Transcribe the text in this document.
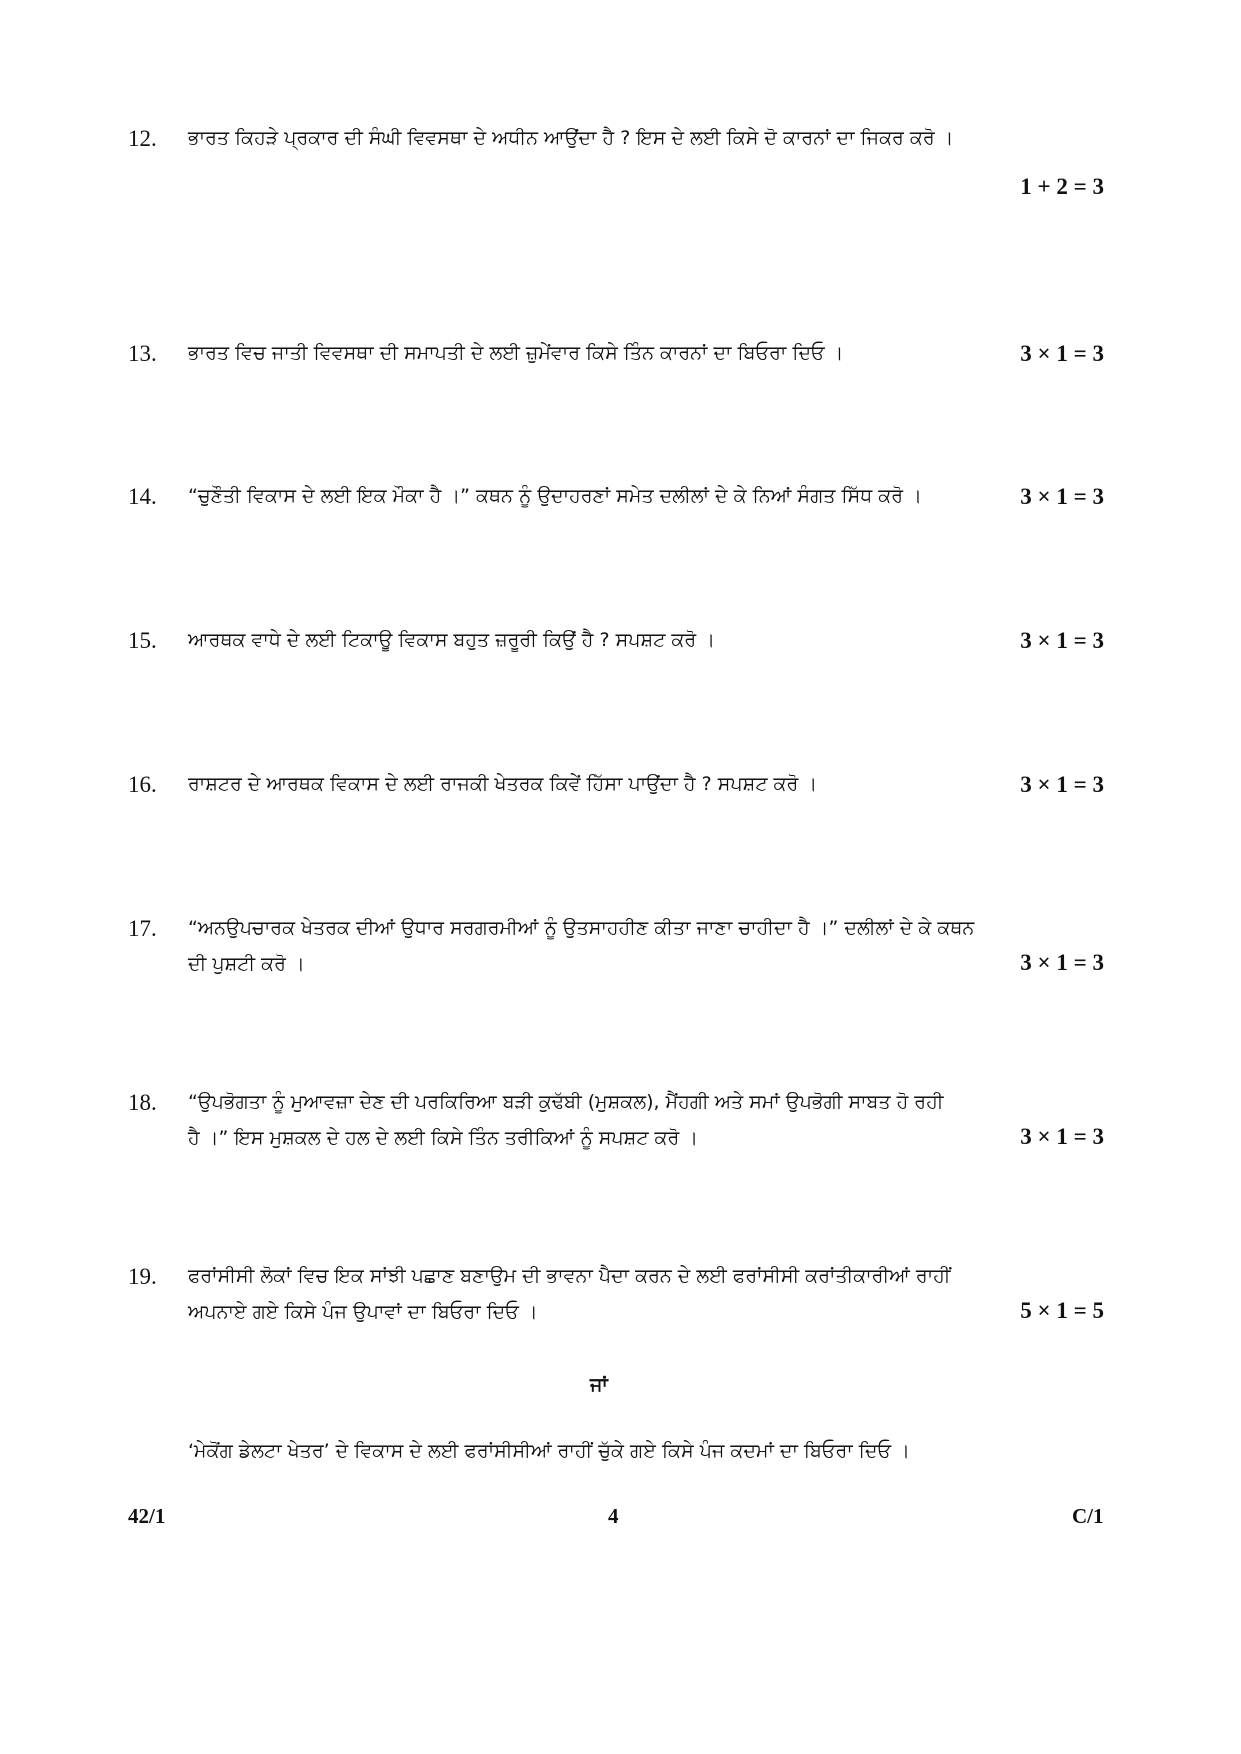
12. ਭਾਰਤ ਕਿਹੜੇ ਪ੍ਰਕਾਰ ਦੀ ਸੰਘੀ ਵਿਵਸਥਾ ਦੇ ਅਧੀਨ ਆਉਂਦਾ ਹੈ ? ਇਸ ਦੇ ਲਈ ਕਿਸੇ ਦੋ ਕਾਰਨਾਂ ਦਾ ਜਿਕਰ ਕਰੋ ।
1 + 2 = 3
13. ਭਾਰਤ ਵਿਚ ਜਾਤੀ ਵਿਵਸਥਾ ਦੀ ਸਮਾਪਤੀ ਦੇ ਲਈ ਜ਼ੁਮੇਂਵਾਰ ਕਿਸੇ ਤਿੰਨ ਕਾਰਨਾਂ ਦਾ ਬਿਓਰਾ ਦਿਓ ।	3 × 1 = 3
14. “ਚੁਣੌਤੀ ਵਿਕਾਸ ਦੇ ਲਈ ਇਕ ਮੌਕਾ ਹੈ ।” ਕਥਨ ਨੂੰ ਉਦਾਹਰਣਾਂ ਸਮੇਤ ਦਲੀਲਾਂ ਦੇ ਕੇ ਨਿਆਂ ਸੰਗਤ ਸਿੱਧ ਕਰੋ ।	3 × 1 = 3
15. ਆਰਥਕ ਵਾਧੇ ਦੇ ਲਈ ਟਿਕਾਊ ਵਿਕਾਸ ਬਹੁਤ ਜ਼ਰੂਰੀ ਕਿਉਂ ਹੈ ? ਸਪਸ਼ਟ ਕਰੋ ।	3 × 1 = 3
16. ਰਾਸ਼ਟਰ ਦੇ ਆਰਥਕ ਵਿਕਾਸ ਦੇ ਲਈ ਰਾਜਕੀ ਖੇਤਰਕ ਕਿਵੇਂ ਹਿੱਸਾ ਪਾਉਂਦਾ ਹੈ ? ਸਪਸ਼ਟ ਕਰੋ ।	3 × 1 = 3
17. “ਅਨਉਪਚਾਰਕ ਖੇਤਰਕ ਦੀਆਂ ਉਧਾਰ ਸਰਗਰਮੀਆਂ ਨੂੰ ਉਤਸਾਹਹੀਣ ਕੀਤਾ ਜਾਣਾ ਚਾਹੀਦਾ ਹੈ ।” ਦਲੀਲਾਂ ਦੇ ਕੇ ਕਥਨ
ਦੀ ਪੁਸ਼ਟੀ ਕਰੋ ।	3 × 1 = 3
18. “ਉਪਭੋਗਤਾ ਨੂੰ ਮੁਆਵਜ਼ਾ ਦੇਣ ਦੀ ਪਰਕਿਰਿਆ ਬੜੀ ਕੁਢੱਬੀ (ਮੁਸ਼ਕਲ), ਮੈਂਹਗੀ ਅਤੇ ਸਮਾਂ ਉਪਭੋਗੀ ਸਾਬਤ ਹੋ ਰਹੀ
ਹੈ ।” ਇਸ ਮੁਸ਼ਕਲ ਦੇ ਹਲ ਦੇ ਲਈ ਕਿਸੇ ਤਿੰਨ ਤਰੀਕਿਆਂ ਨੂੰ ਸਪਸ਼ਟ ਕਰੋ ।	3 × 1 = 3
19. ਫਰਾਂਸੀਸੀ ਲੋਕਾਂ ਵਿਚ ਇਕ ਸਾਂਝੀ ਪਛਾਣ ਬਣਾਉਮ ਦੀ ਭਾਵਨਾ ਪੈਦਾ ਕਰਨ ਦੇ ਲਈ ਫਰਾਂਸੀਸੀ ਕਰਾਂਤੀਕਾਰੀਆਂ ਰਾਹੀਂ
ਅਪਨਾਏ ਗਏ ਕਿਸੇ ਪੰਜ ਉਪਾਵਾਂ ਦਾ ਬਿਓਰਾ ਦਿਓ ।	5 × 1 = 5
ਜਾਂ
‘ਮੇਕੋਂਗ ਡੇਲਟਾ ਖੇਤਰ’ ਦੇ ਵਿਕਾਸ ਦੇ ਲਈ ਫਰਾਂਸੀਸੀਆਂ ਰਾਹੀਂ ਚੁੱਕੇ ਗਏ ਕਿਸੇ ਪੰਜ ਕਦਮਾਂ ਦਾ ਬਿਓਰਾ ਦਿਓ ।
42/1	4	C/1
